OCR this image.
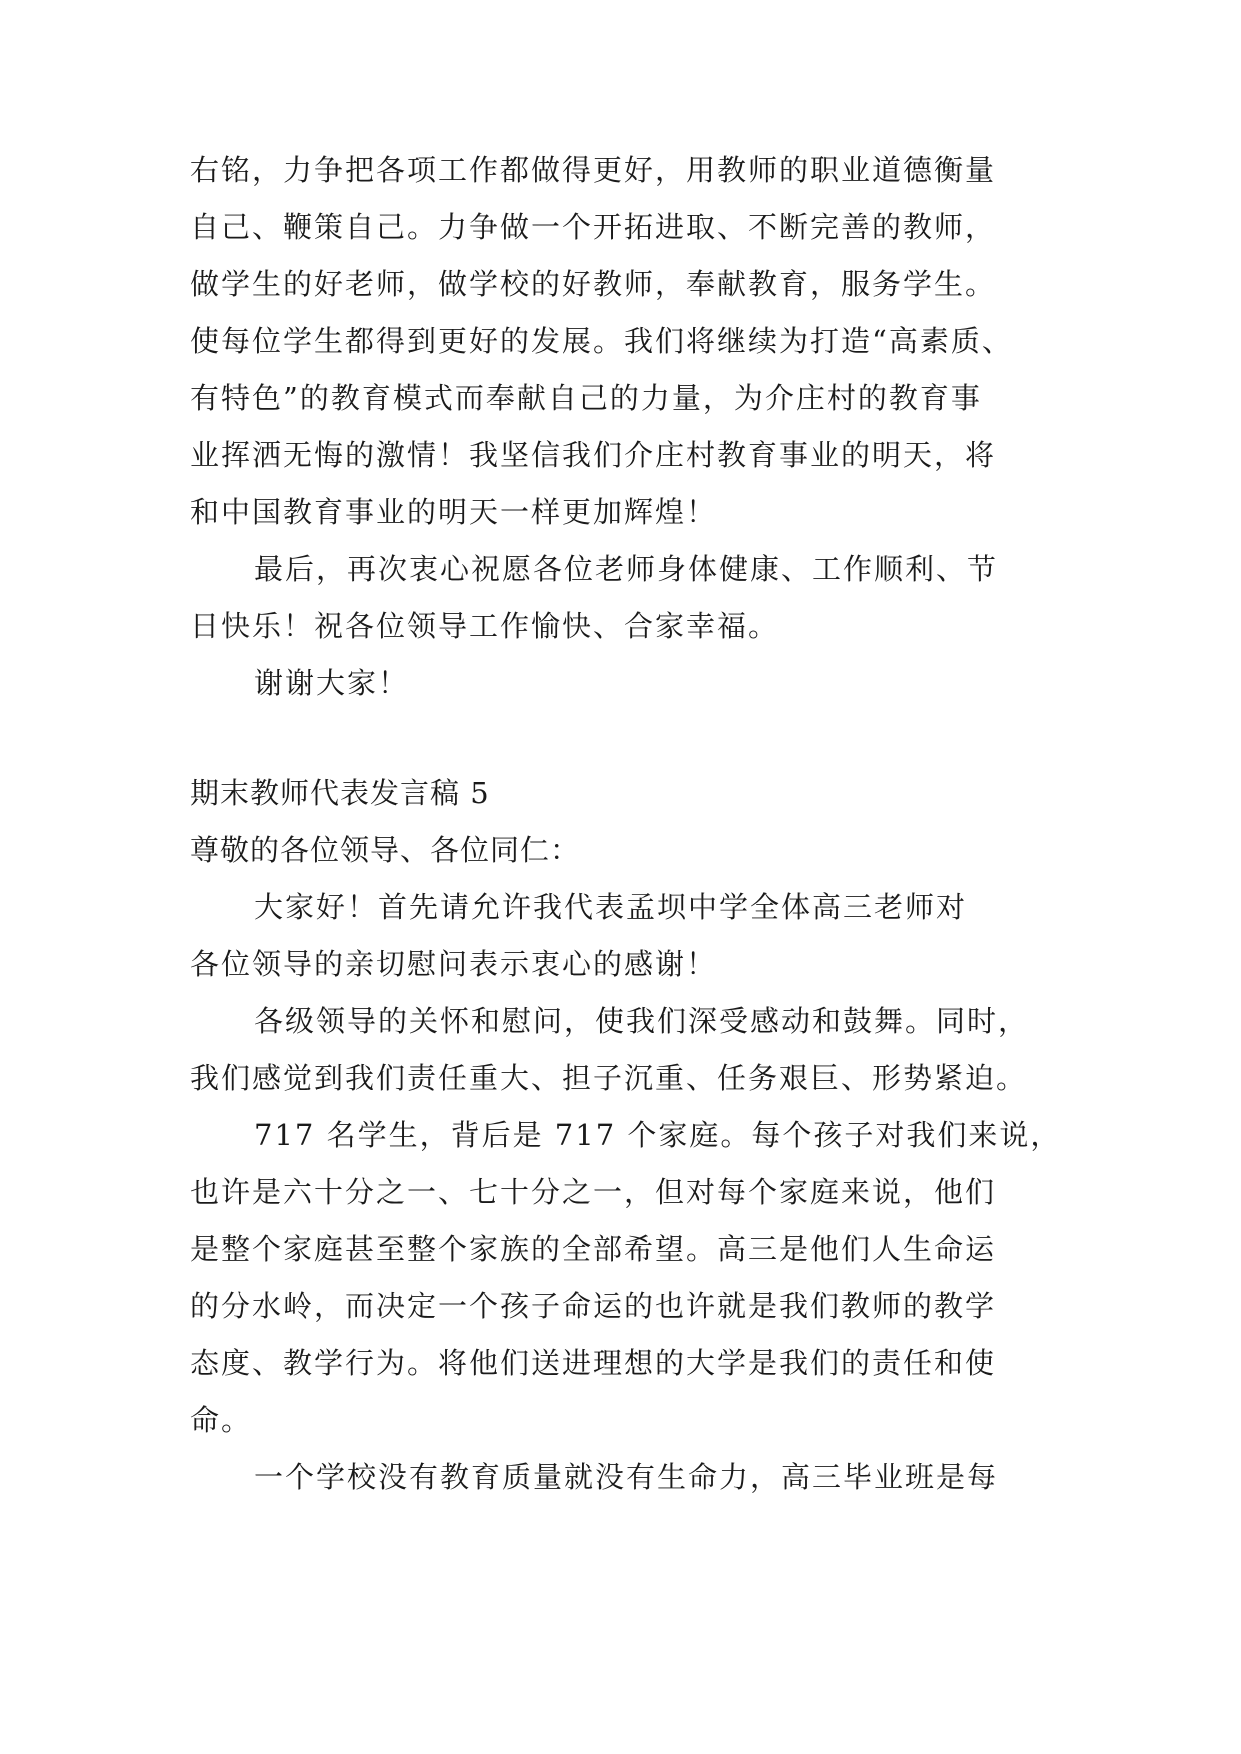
右铭，力争把各项工作都做得更好，用教师的职业道德衡量
自己、鞭策自己。力争做一个开拓进取、不断完善的教师，
做学生的好老师，做学校的好教师，奉献教育，服务学生。
使每位学生都得到更好的发展。我们将继续为打造“高素质、
有特色”的教育模式而奉献自己的力量，为介庄村的教育事
业挥洒无悔的激情！我坚信我们介庄村教育事业的明天，将
和中国教育事业的明天一样更加辉煌！
最后，再次衷心祝愿各位老师身体健康、工作顺利、节
日快乐！祝各位领导工作愉快、合家幸福。
谢谢大家！
期末教师代表发言稿 5
尊敬的各位领导、各位同仁：
大家好！首先请允许我代表孟坝中学全体高三老师对
各位领导的亲切慰问表示衷心的感谢！
各级领导的关怀和慰问，使我们深受感动和鼓舞。同时，
我们感觉到我们责任重大、担子沉重、任务艰巨、形势紧迫。
717 名学生，背后是 717 个家庭。每个孩子对我们来说，
也许是六十分之一、七十分之一，但对每个家庭来说，他们
是整个家庭甚至整个家族的全部希望。高三是他们人生命运
的分水岭，而决定一个孩子命运的也许就是我们教师的教学
态度、教学行为。将他们送进理想的大学是我们的责任和使
命。
一个学校没有教育质量就没有生命力，高三毕业班是每
